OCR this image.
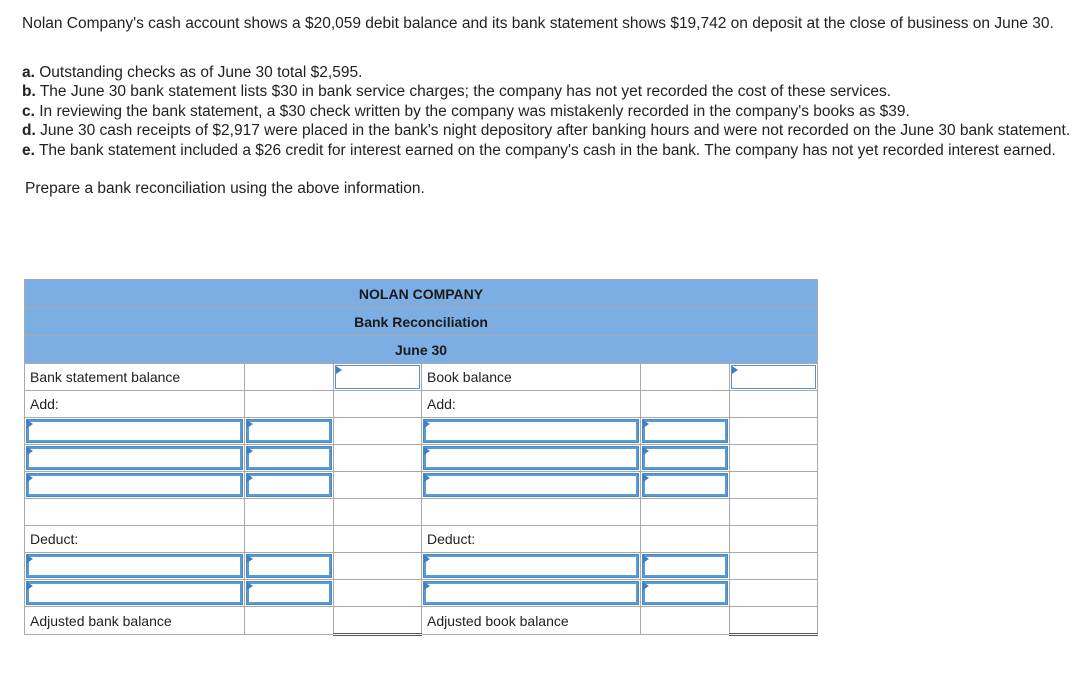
Nolan Company's cash account shows a $20,059 debit balance and its bank statement shows $19,742 on deposit at the close of business on June 30.

a. Outstanding checks as of June 30 total $2,595.

b. The June 30 bank statement lists $30 in bank service charges; the company has not yet recorded the cost of these services.

c. In reviewing the bank statement, a $30 check written by the company was mistakenly recorded in the company's books as $39.

d. June 30 cash receipts of $2,917 were placed in the bank's night depository after banking hours and were not recorded on the June 30 bank statement.

e. The bank statement included a $26 credit for interest earned on the company's cash in the bank. The company has not yet recorded interest earned.

Prepare a bank reconciliation using the above information.

NOLAN COMPANY					
Bank Reconciliation					
June 30					
Bank statement balance			Book balance		

Add:			Add:		

Deduct:			Deduct:		

Adjusted bank balance			Adjusted book balance		
